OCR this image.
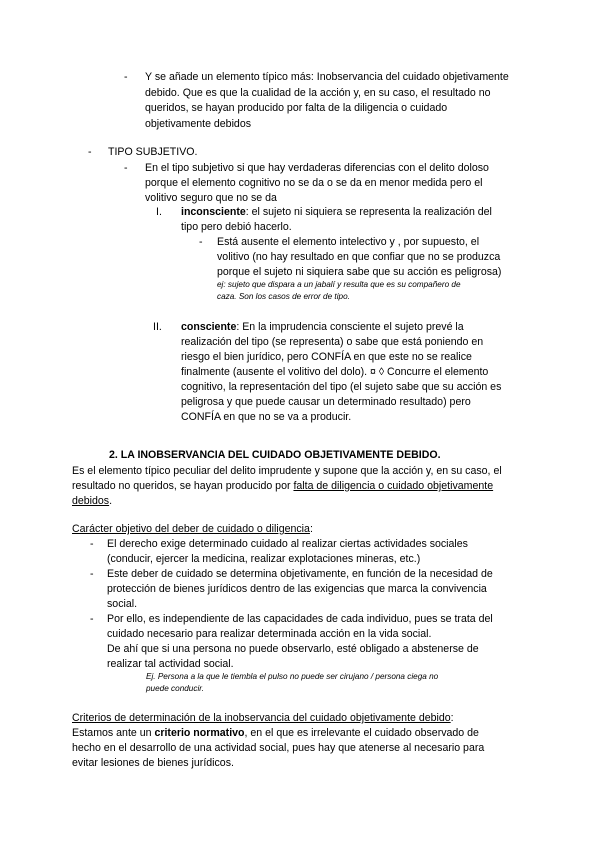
- Y se añade un elemento típico más: Inobservancia del cuidado objetivamente
debido. Que es que la cualidad de la acción y, en su caso, el resultado no
queridos, se hayan producido por falta de la diligencia o cuidado
objetivamente debidos
- TIPO SUBJETIVO.
- En el tipo subjetivo si que hay verdaderas diferencias con el delito doloso
porque el elemento cognitivo no se da o se da en menor medida pero el
volitivo seguro que no se da
I. inconsciente: el sujeto ni siquiera se representa la realización del
tipo pero debió hacerlo.
- Está ausente el elemento intelectivo y , por supuesto, el
volitivo (no hay resultado en que confiar que no se produzca
porque el sujeto ni siquiera sabe que su acción es peligrosa)
ej: sujeto que dispara a un jabalí y resulta que es su compañero de
caza. Son los casos de error de tipo.
II. consciente: En la imprudencia consciente el sujeto prevé la
realización del tipo (se representa) o sabe que está poniendo en
riesgo el bien jurídico, pero CONFÍA en que este no se realice
finalmente (ausente el volitivo del dolo). ¤ ◊ Concurre el elemento
cognitivo, la representación del tipo (el sujeto sabe que su acción es
peligrosa y que puede causar un determinado resultado) pero
CONFÍA en que no se va a producir.
2. LA INOBSERVANCIA DEL CUIDADO OBJETIVAMENTE DEBIDO.
Es el elemento típico peculiar del delito imprudente y supone que la acción y, en su caso, el
resultado no queridos, se hayan producido por falta de diligencia o cuidado objetivamente
debidos.
Carácter objetivo del deber de cuidado o diligencia:
- El derecho exige determinado cuidado al realizar ciertas actividades sociales
(conducir, ejercer la medicina, realizar explotaciones mineras, etc.)
- Este deber de cuidado se determina objetivamente, en función de la necesidad de
protección de bienes jurídicos dentro de las exigencias que marca la convivencia
social.
- Por ello, es independiente de las capacidades de cada individuo, pues se trata del
cuidado necesario para realizar determinada acción en la vida social.
De ahí que si una persona no puede observarlo, esté obligado a abstenerse de
realizar tal actividad social.
Ej. Persona a la que le tiembla el pulso no puede ser cirujano / persona ciega no
puede conducir.
Criterios de determinación de la inobservancia del cuidado objetivamente debido:
Estamos ante un criterio normativo, en el que es irrelevante el cuidado observado de
hecho en el desarrollo de una actividad social, pues hay que atenerse al necesario para
evitar lesiones de bienes jurídicos.
